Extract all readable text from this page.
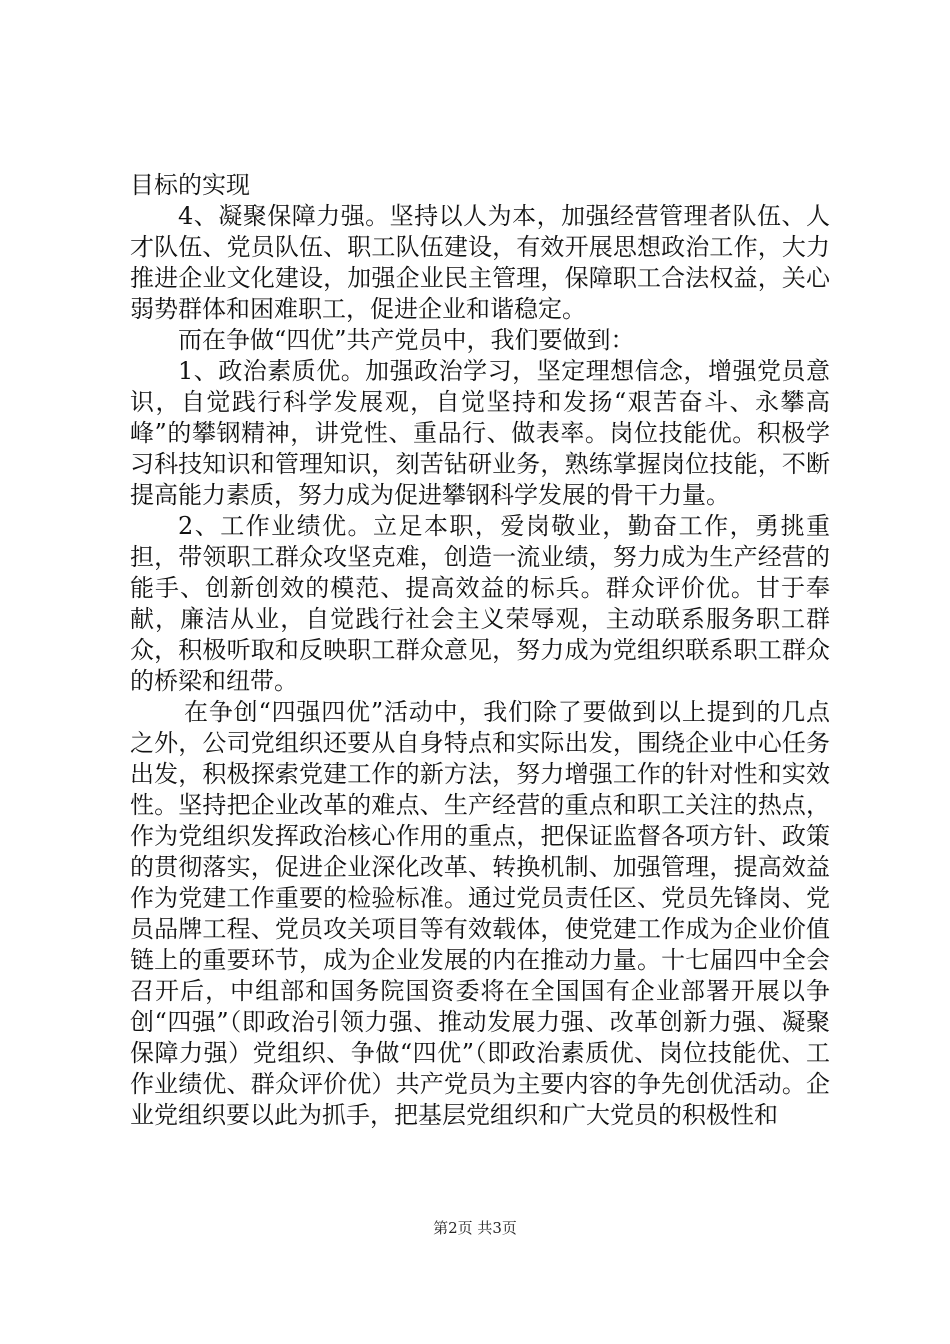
目标的实现

4、凝聚保障力强。坚持以人为本，加强经营管理者队伍、人才队伍、党员队伍、职工队伍建设，有效开展思想政治工作，大力推进企业文化建设，加强企业民主管理，保障职工合法权益，关心弱势群体和困难职工，促进企业和谐稳定。

而在争做“四优”共产党员中，我们要做到：

1、政治素质优。加强政治学习，坚定理想信念，增强党员意识，自觉践行科学发展观，自觉坚持和发扬“艰苦奋斗、永攀高峰”的攀钢精神，讲党性、重品行、做表率。岗位技能优。积极学习科技知识和管理知识，刻苦钻研业务，熟练掌握岗位技能，不断提高能力素质，努力成为促进攀钢科学发展的骨干力量。

2、工作业绩优。立足本职，爱岗敬业，勤奋工作，勇挑重担，带领职工群众攻坚克难，创造一流业绩，努力成为生产经营的能手、创新创效的模范、提高效益的标兵。群众评价优。甘于奉献，廉洁从业，自觉践行社会主义荣辱观，主动联系服务职工群众，积极听取和反映职工群众意见，努力成为党组织联系职工群众的桥梁和纽带。

在争创“四强四优”活动中，我们除了要做到以上提到的几点之外，公司党组织还要从自身特点和实际出发，围绕企业中心任务出发，积极探索党建工作的新方法，努力增强工作的针对性和实效性。坚持把企业改革的难点、生产经营的重点和职工关注的热点，作为党组织发挥政治核心作用的重点，把保证监督各项方针、政策的贯彻落实，促进企业深化改革、转换机制、加强管理，提高效益作为党建工作重要的检验标准。通过党员责任区、党员先锋岗、党员品牌工程、党员攻关项目等有效载体，使党建工作成为企业价值链上的重要环节，成为企业发展的内在推动力量。十七届四中全会召开后，中组部和国务院国资委将在全国国有企业部署开展以争创“四强”（即政治引领力强、推动发展力强、改革创新力强、凝聚保障力强）党组织、争做“四优”（即政治素质优、岗位技能优、工作业绩优、群众评价优）共产党员为主要内容的争先创优活动。企业党组织要以此为抓手，把基层党组织和广大党员的积极性和

第2页 共3页
